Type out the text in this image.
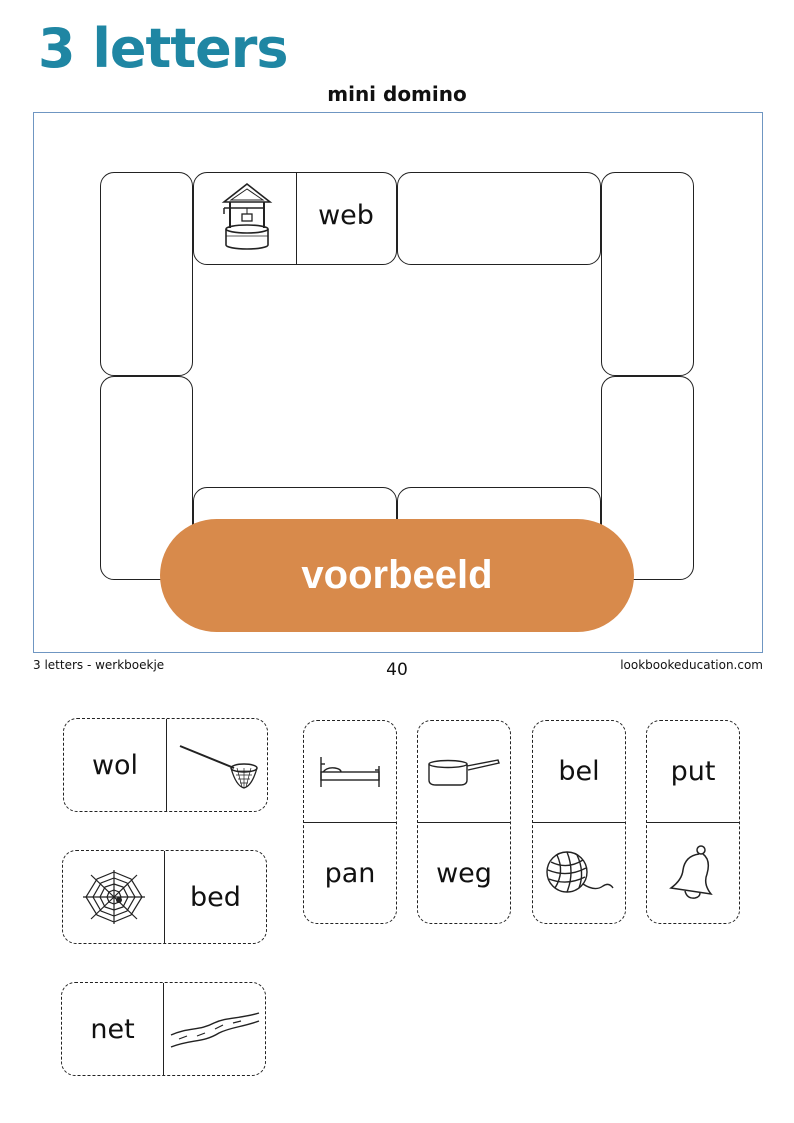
3 letters
mini domino
web
voorbeeld
3 letters - werkboekje	40	lookbookeducation.com
wol
bed
net
pan	weg
bel	put
